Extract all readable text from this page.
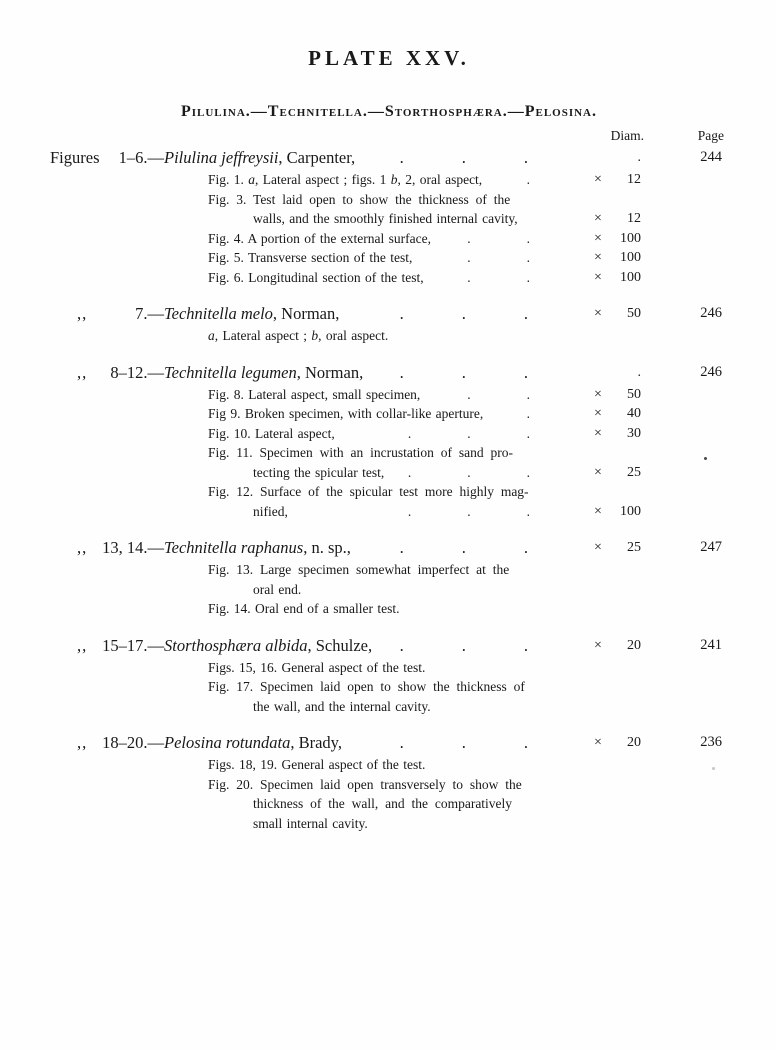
PLATE XXV.
Pilulina.—Technitella.—Storthosphæra.—Pelosina.
Diam.	Page
Figures 1–6.— Pilulina jeffreysii , Carpenter,	...	.	244
Fig. 1. a, Lateral aspect ; figs. 1 b, 2, oral aspect,	. ×	12
Fig. 3. Test laid open to show the thickness of the
walls, and the smoothly finished internal cavity,	×	12
Fig. 4. A portion of the external surface,	.. ×	100
Fig. 5. Transverse section of the test,	.. ×	100
Fig. 6. Longitudinal section of the test,	.. ×	100
,,	7.— Technitella melo , Norman,	... ×	50	246
a, Lateral aspect ; b, oral aspect.
,, 8–12.— Technitella legumen , Norman, ...	.	246
Fig. 8. Lateral aspect, small specimen,	.. ×	50
Fig 9. Broken specimen, with collar-like aperture,	. ×	40
Fig. 10. Lateral aspect,	... ×	30
Fig. 11. Specimen with an incrustation of sand pro-
tecting the spicular test, ... ×	25
Fig. 12. Surface of the spicular test more highly mag-
nified,	... ×	100
,, 13, 14.— Technitella raphanus , n. sp.,	... ×	25	247
Fig. 13. Large specimen somewhat imperfect at the
oral end.
Fig. 14. Oral end of a smaller test.
,, 15–17.— Storthosphæra albida , Schulze, ... ×	20	241
Figs. 15, 16. General aspect of the test.
Fig. 17. Specimen laid open to show the thickness of
the wall, and the internal cavity.
,, 18–20.— Pelosina rotundata , Brady,	... ×	20	236
Figs. 18, 19. General aspect of the test.
Fig. 20. Specimen laid open transversely to show the
thickness of the wall, and the comparatively
small internal cavity.
